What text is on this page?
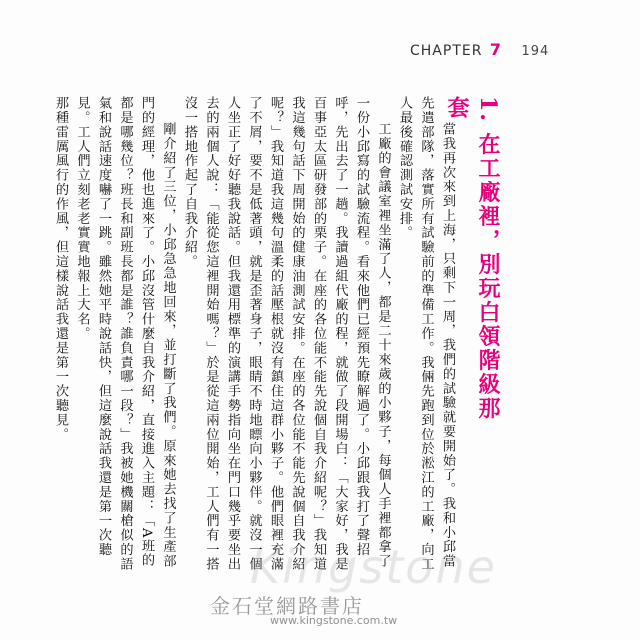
CHAPTER 7 194
1. 在工廠裡，別玩白領階級那套

當我再次來到上海，只剩下一周，我們的試驗就要開始了。我和小邱當先遣部隊，落實所有試驗前的準備工作。我倆先跑到位於淞江的工廠，向工人最後確認測試安排。

工廠的會議室裡坐滿了人，都是二十來歲的小夥子，每個人手裡都拿了一份小邱寫的試驗流程。看來他們已經預先瞭解過了。小邱跟我打了聲招呼，先出去了一趟。我讀過組代廠的程，就做了段開場白：「大家好，我是百事亞太區研發部的栗子。在座的各位能不能先說個自我介紹呢？」我知道我這幾句話下周開始的健康油測試安排。在座的各位能不能先說個自我介紹呢？」我知道我這幾句溫柔的話壓根就沒有鎮住這群小夥子。他們眼裡充滿了不屑，要不是低著頭，就是歪著身子，眼睛不時地瞟向小夥伴。就沒一個人坐正了好好聽我說話。但我還用標準的演講手勢指向坐在門口幾乎要坐出去的兩個人說：「能從您這裡開始嗎？」於是從這兩位開始，工人們有一搭沒一搭地作起了自我介紹。

剛介紹了三位，小邱急急地回來，並打斷了我們。原來她去找了生產部門的經理，他也進來了。小邱沒管什麼自我介紹，直接進入主題：「A班的都是哪幾位？班長和副班長都是誰？誰負責哪一段？」我被她機關槍似的語氣和說話速度嚇了一跳。雖然她平時說話快，但這麼說話我還是第一次聽見。工人們立刻老老實實地報上大名。

那種雷厲風行的作風，但這樣說話我還是第一次聽見。

Kingstone
金石堂網路書店
www.kingstone.com.tw
